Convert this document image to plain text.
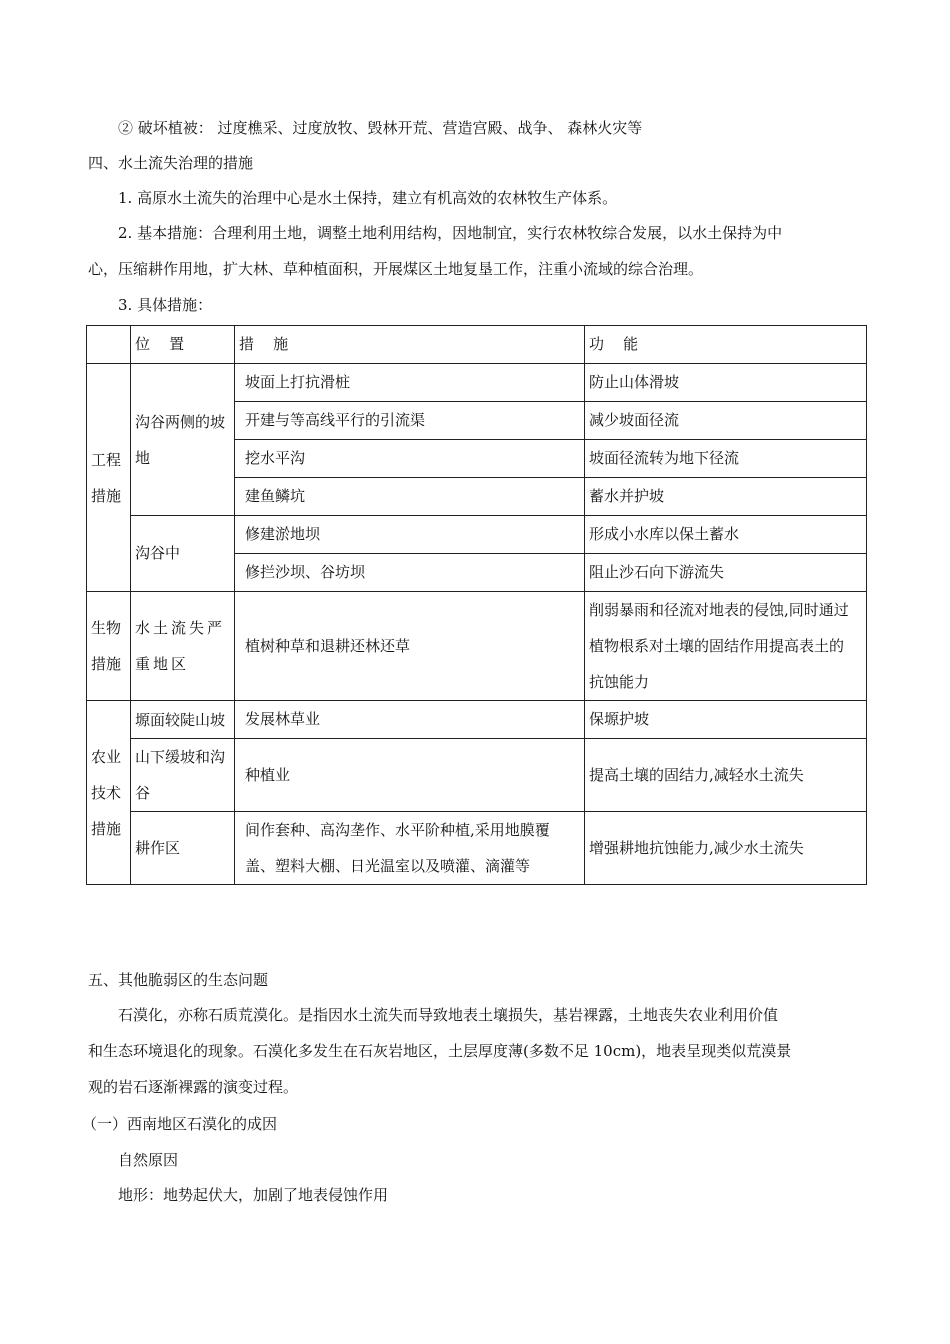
② 破坏植被： 过度樵采、过度放牧、毁林开荒、营造宫殿、战争、 森林火灾等
四、水土流失治理的措施
1. 高原水土流失的治理中心是水土保持，建立有机高效的农林牧生产体系。
2. 基本措施：合理利用土地，调整土地利用结构，因地制宜，实行农林牧综合发展，以水土保持为中
心，压缩耕作用地，扩大林、草种植面积，开展煤区土地复垦工作，注重小流域的综合治理。
3. 具体措施：
	位    置	措    施	功    能
工程措施	沟谷两侧的坡地	坡面上打抗滑桩	防止山体滑坡
		开建与等高线平行的引流渠	减少坡面径流
		挖水平沟	坡面径流转为地下径流
		建鱼鳞坑	蓄水并护坡
	沟谷中	修建淤地坝	形成小水库以保土蓄水
		修拦沙坝、谷坊坝	阻止沙石向下游流失
生物措施	水土流失严重地区	植树种草和退耕还林还草	削弱暴雨和径流对地表的侵蚀,同时通过植物根系对土壤的固结作用提高表土的抗蚀能力
农业技术措施	塬面较陡山坡	发展林草业	保塬护坡
	山下缓坡和沟谷	种植业	提高土壤的固结力,减轻水土流失
	耕作区	间作套种、高沟垄作、水平阶种植,采用地膜覆盖、塑料大棚、日光温室以及喷灌、滴灌等	增强耕地抗蚀能力,减少水土流失
五、其他脆弱区的生态问题
石漠化，亦称石质荒漠化。是指因水土流失而导致地表土壤损失，基岩裸露，土地丧失农业利用价值
和生态环境退化的现象。石漠化多发生在石灰岩地区，土层厚度薄(多数不足 10cm)，地表呈现类似荒漠景
观的岩石逐渐裸露的演变过程。
（一）西南地区石漠化的成因
自然原因
地形：地势起伏大，加剧了地表侵蚀作用
